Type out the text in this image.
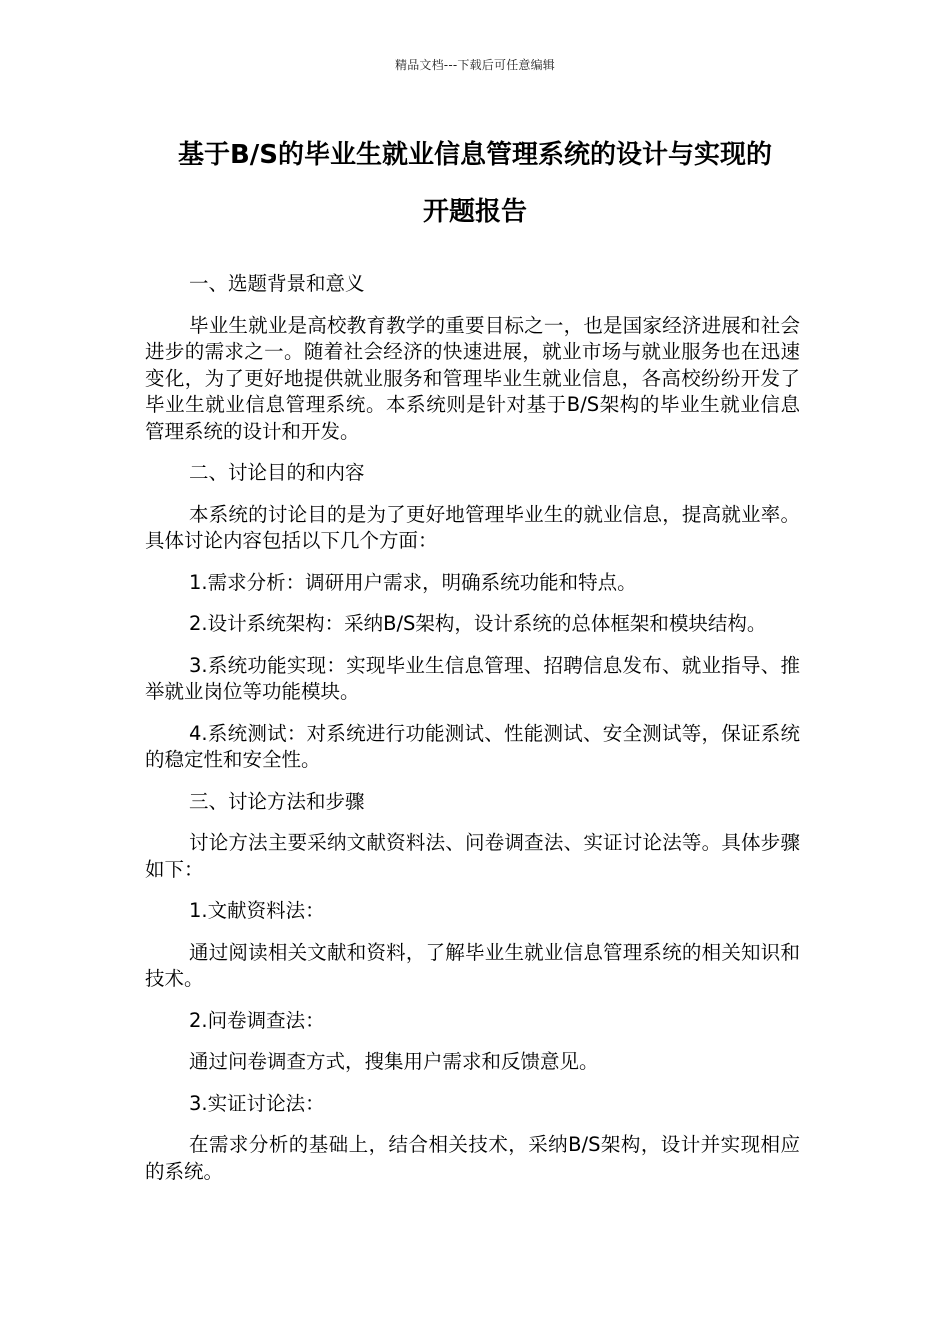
精品文档---下载后可任意编辑
基于B/S的毕业生就业信息管理系统的设计与实现的
开题报告

一、选题背景和意义

毕业生就业是高校教育教学的重要目标之一，也是国家经济进展和社会进步的需求之一。随着社会经济的快速进展，就业市场与就业服务也在迅速变化，为了更好地提供就业服务和管理毕业生就业信息，各高校纷纷开发了毕业生就业信息管理系统。本系统则是针对基于B/S架构的毕业生就业信息管理系统的设计和开发。

二、讨论目的和内容

本系统的讨论目的是为了更好地管理毕业生的就业信息，提高就业率。具体讨论内容包括以下几个方面：

1.需求分析：调研用户需求，明确系统功能和特点。

2.设计系统架构：采纳B/S架构，设计系统的总体框架和模块结构。

3.系统功能实现：实现毕业生信息管理、招聘信息发布、就业指导、推举就业岗位等功能模块。

4.系统测试：对系统进行功能测试、性能测试、安全测试等，保证系统的稳定性和安全性。

三、讨论方法和步骤

讨论方法主要采纳文献资料法、问卷调查法、实证讨论法等。具体步骤如下：

1.文献资料法：

通过阅读相关文献和资料，了解毕业生就业信息管理系统的相关知识和技术。

2.问卷调查法：

通过问卷调查方式，搜集用户需求和反馈意见。

3.实证讨论法：

在需求分析的基础上，结合相关技术，采纳B/S架构，设计并实现相应的系统。
